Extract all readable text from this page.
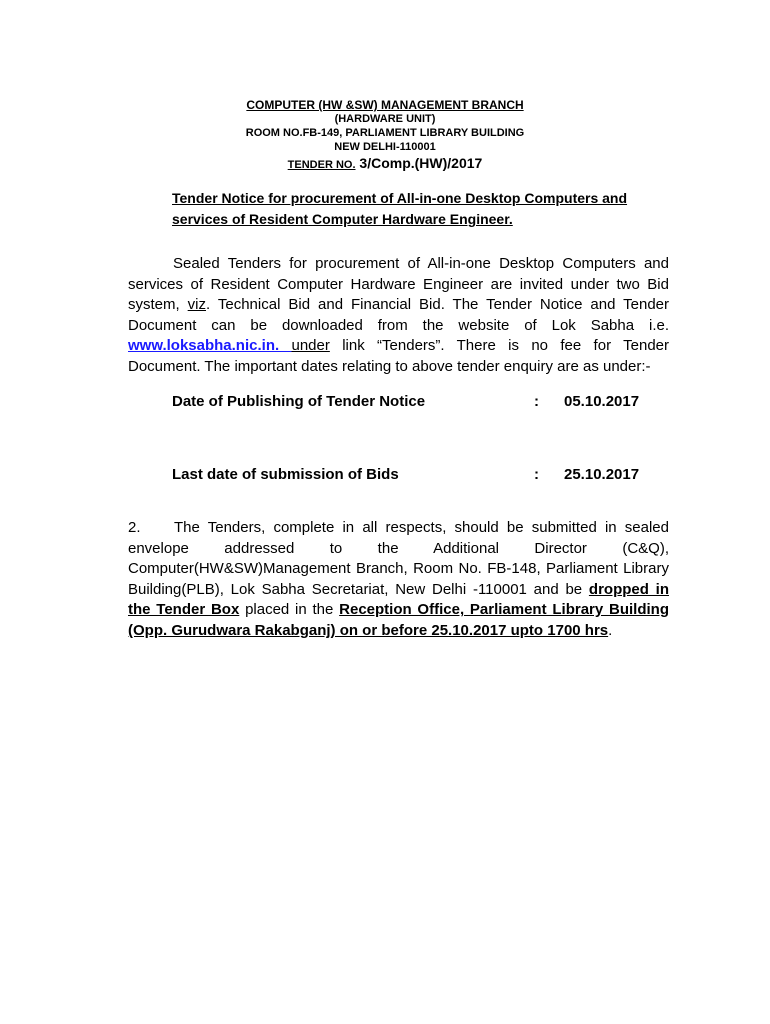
COMPUTER (HW &SW) MANAGEMENT BRANCH
(HARDWARE UNIT)
ROOM NO.FB-149, PARLIAMENT LIBRARY BUILDING
NEW DELHI-110001
TENDER NO. 3/Comp.(HW)/2017
Tender Notice for procurement of All-in-one Desktop Computers and services of Resident Computer Hardware Engineer.
Sealed Tenders for procurement of All-in-one Desktop Computers and services of Resident Computer Hardware Engineer are invited under two Bid system, viz. Technical Bid and Financial Bid. The Tender Notice and Tender Document can be downloaded from the website of Lok Sabha i.e. www.loksabha.nic.in. under link “Tenders”. There is no fee for Tender Document. The important dates relating to above tender enquiry are as under:-
Date of Publishing of Tender Notice	: 05.10.2017
Last date of submission of Bids	: 25.10.2017
2. The Tenders, complete in all respects, should be submitted in sealed envelope addressed to the Additional Director (C&Q), Computer(HW&SW)Management Branch, Room No. FB-148, Parliament Library Building(PLB), Lok Sabha Secretariat, New Delhi -110001 and be dropped in the Tender Box placed in the Reception Office, Parliament Library Building (Opp. Gurudwara Rakabganj) on or before 25.10.2017 upto 1700 hrs.
